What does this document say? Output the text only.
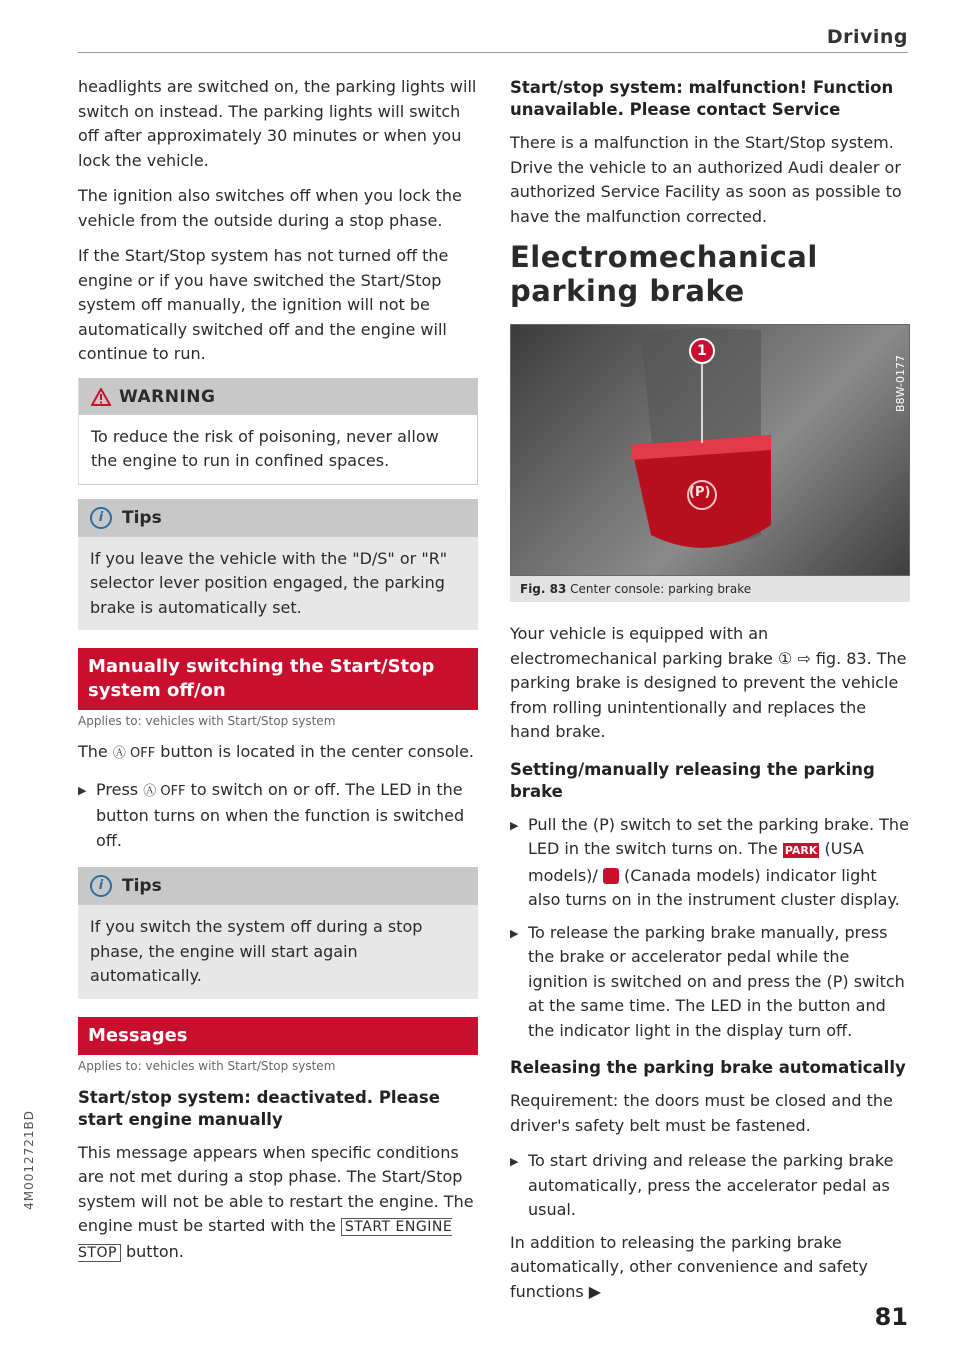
Driving

headlights are switched on, the parking lights will switch on instead. The parking lights will switch off after approximately 30 minutes or when you lock the vehicle.

The ignition also switches off when you lock the vehicle from the outside during a stop phase.

If the Start/Stop system has not turned off the engine or if you have switched the Start/Stop system off manually, the ignition will not be automatically switched off and the engine will continue to run.

WARNING
To reduce the risk of poisoning, never allow the engine to run in confined spaces.
i	Tips
If you leave the vehicle with the "D/S" or "R" selector lever position engaged, the parking brake is automatically set.
Manually switching the Start/Stop system off/on
Applies to: vehicles with Start/Stop system

The Ⓐ OFF button is located in the center console.

▶ Press Ⓐ OFF to switch on or off. The LED in the button turns on when the function is switched off.
i	Tips
If you switch the system off during a stop phase, the engine will start again automatically.
Messages
Applies to: vehicles with Start/Stop system
Start/stop system: deactivated. Please start engine manually

This message appears when specific conditions are not met during a stop phase. The Start/Stop system will not be able to restart the engine. The engine must be started with the START ENGINE STOP button.

Start/stop system: malfunction! Function unavailable. Please contact Service

There is a malfunction in the Start/Stop system. Drive the vehicle to an authorized Audi dealer or authorized Service Facility as soon as possible to have the malfunction corrected.

Electromechanical parking brake
1
(P)
B8W-0177
Fig. 83 Center console: parking brake

Your vehicle is equipped with an electromechanical parking brake ① ⇨ fig. 83. The parking brake is designed to prevent the vehicle from rolling unintentionally and replaces the hand brake.

Setting/manually releasing the parking brake
▶ Pull the (P) switch to set the parking brake. The LED in the switch turns on. The PARK (USA models)/ (Canada models) indicator light also turns on in the instrument cluster display.
▶ To release the parking brake manually, press the brake or accelerator pedal while the ignition is switched on and press the (P) switch at the same time. The LED in the button and the indicator light in the display turn off.
Releasing the parking brake automatically

Requirement: the doors must be closed and the driver's safety belt must be fastened.

▶ To start driving and release the parking brake automatically, press the accelerator pedal as usual.

In addition to releasing the parking brake automatically, other convenience and safety functions ▶

4M0012721BD
81
